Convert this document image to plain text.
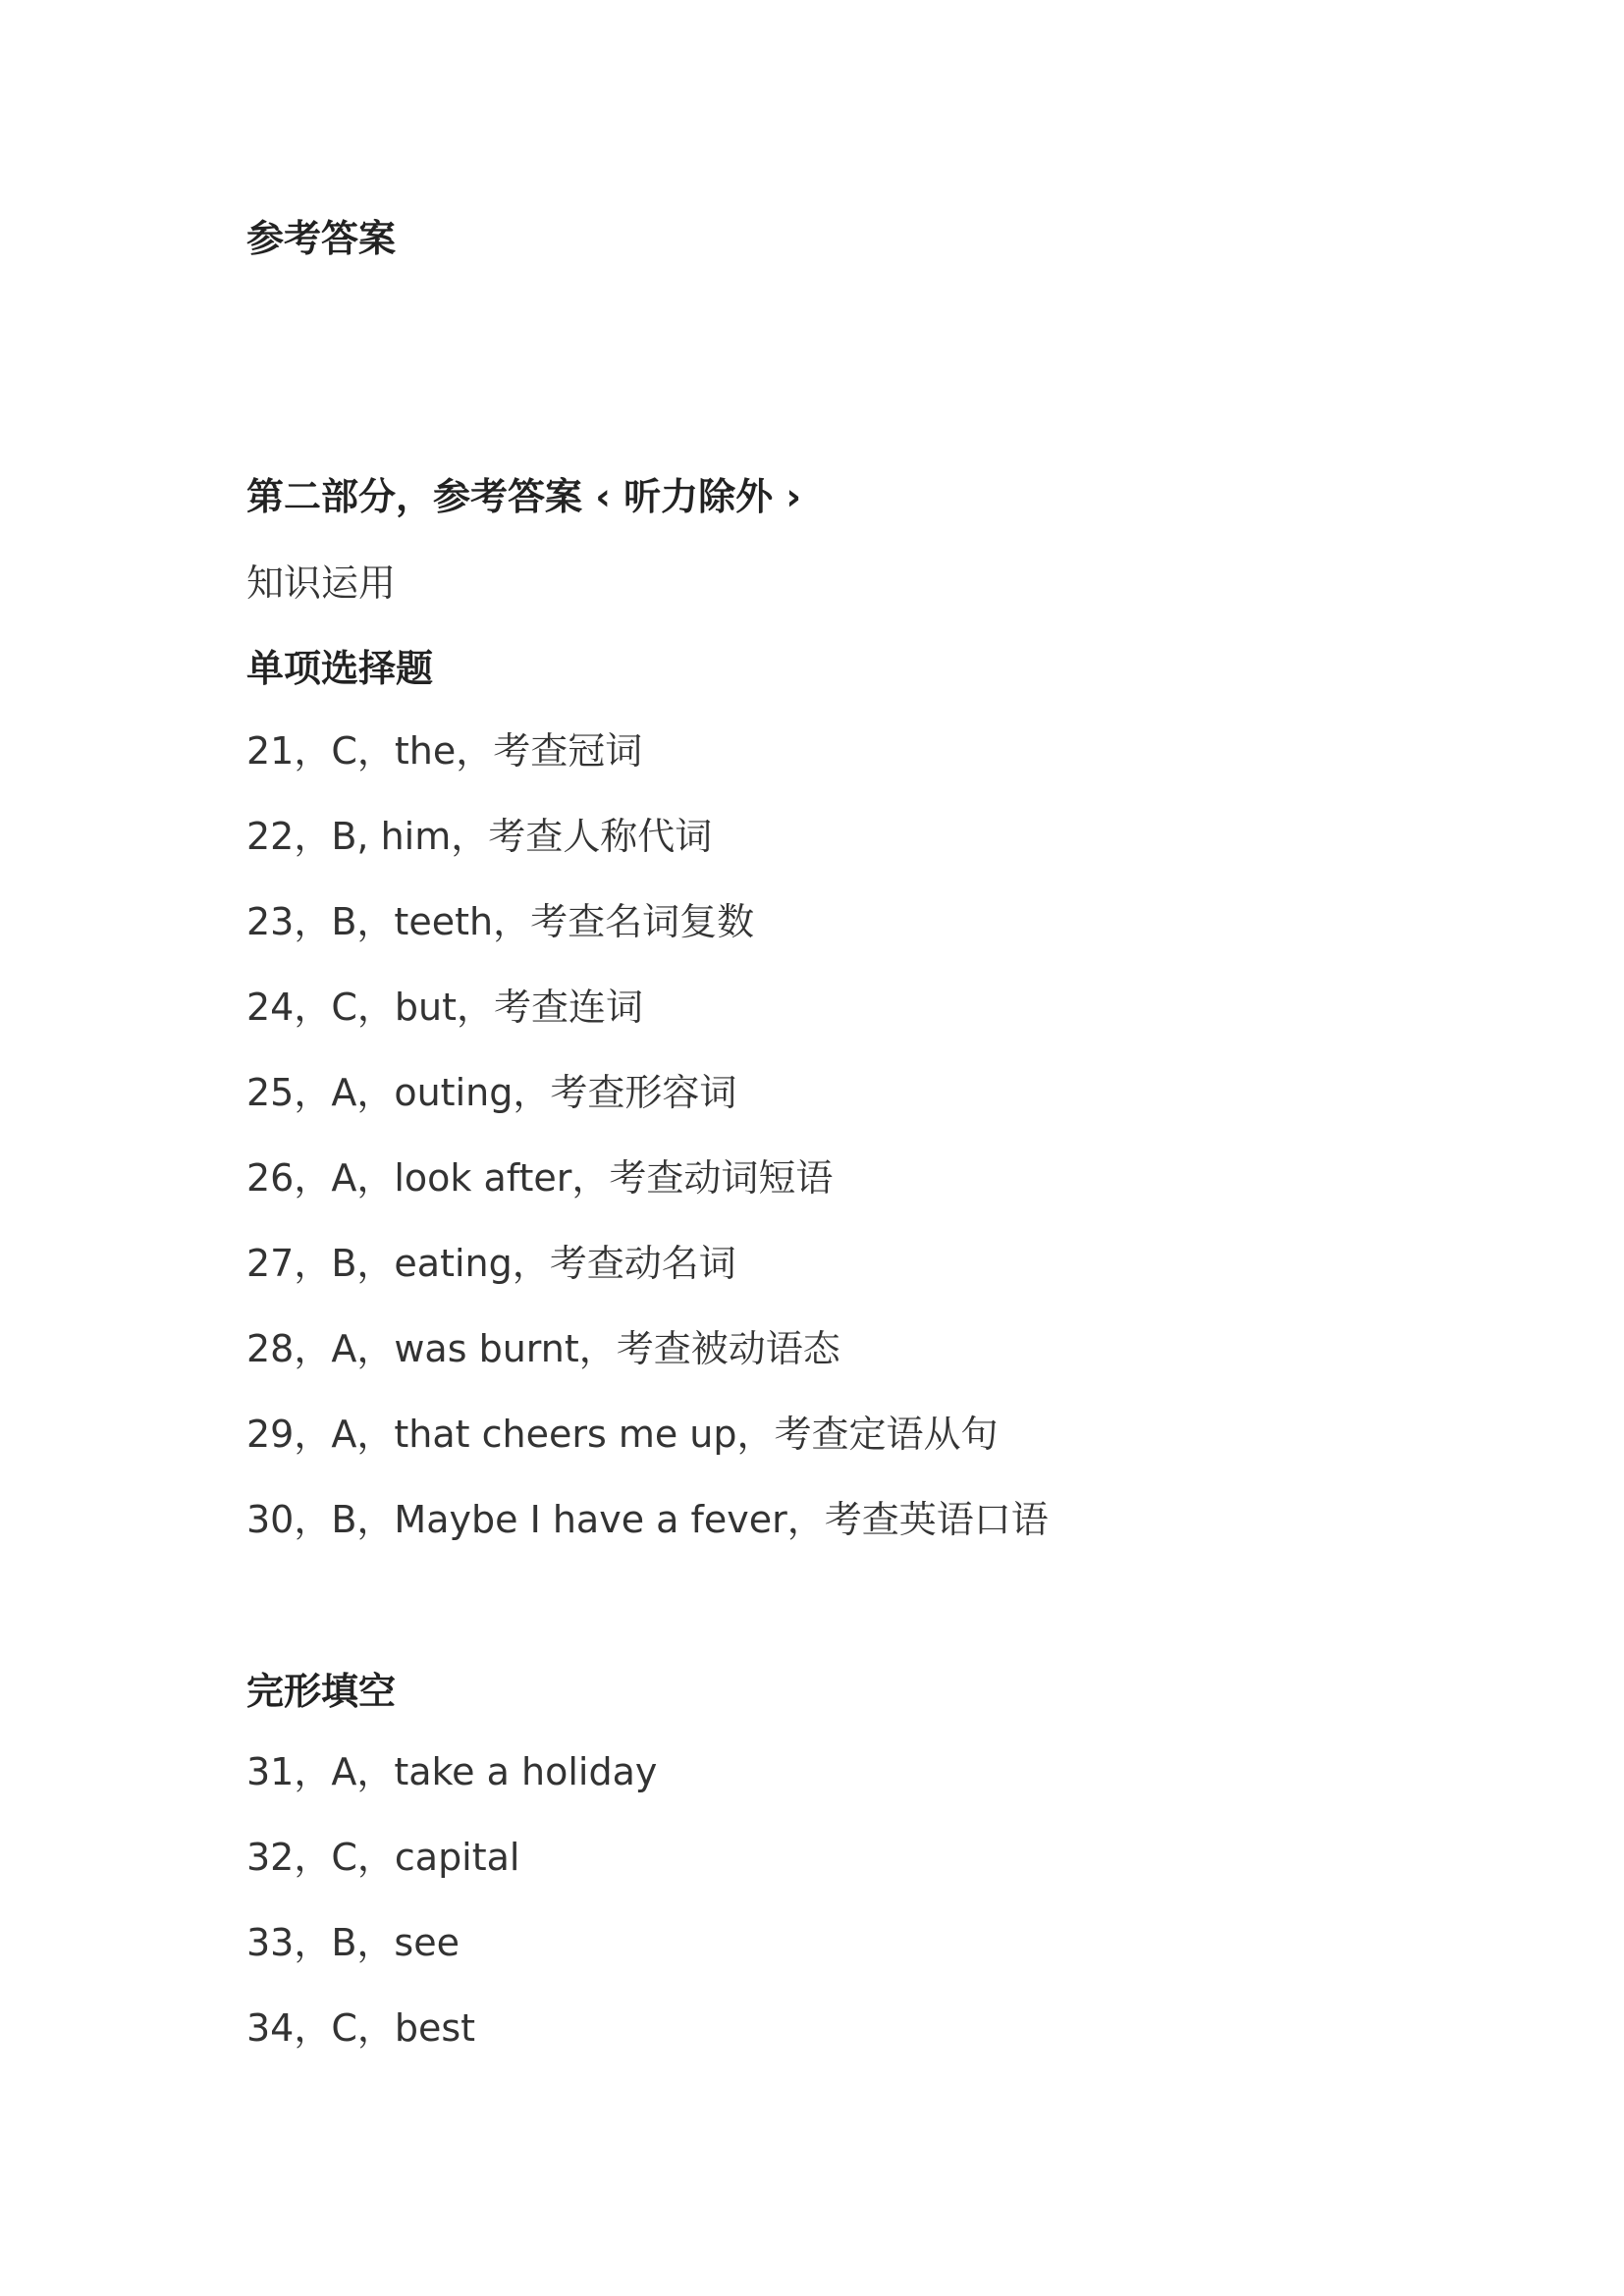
参考答案
第二部分，参考答案 ‹ 听力除外 ›
知识运用
单项选择题
21，C，the，考查冠词
22，B, him，考查人称代词
23，B，teeth，考查名词复数
24，C，but，考查连词
25，A，outing，考查形容词
26，A，look after，考查动词短语
27，B，eating，考查动名词
28，A，was burnt，考查被动语态
29，A，that cheers me up，考查定语从句
30，B，Maybe I have a fever，考查英语口语
完形填空
31，A，take a holiday
32，C，capital
33，B，see
34，C，best
